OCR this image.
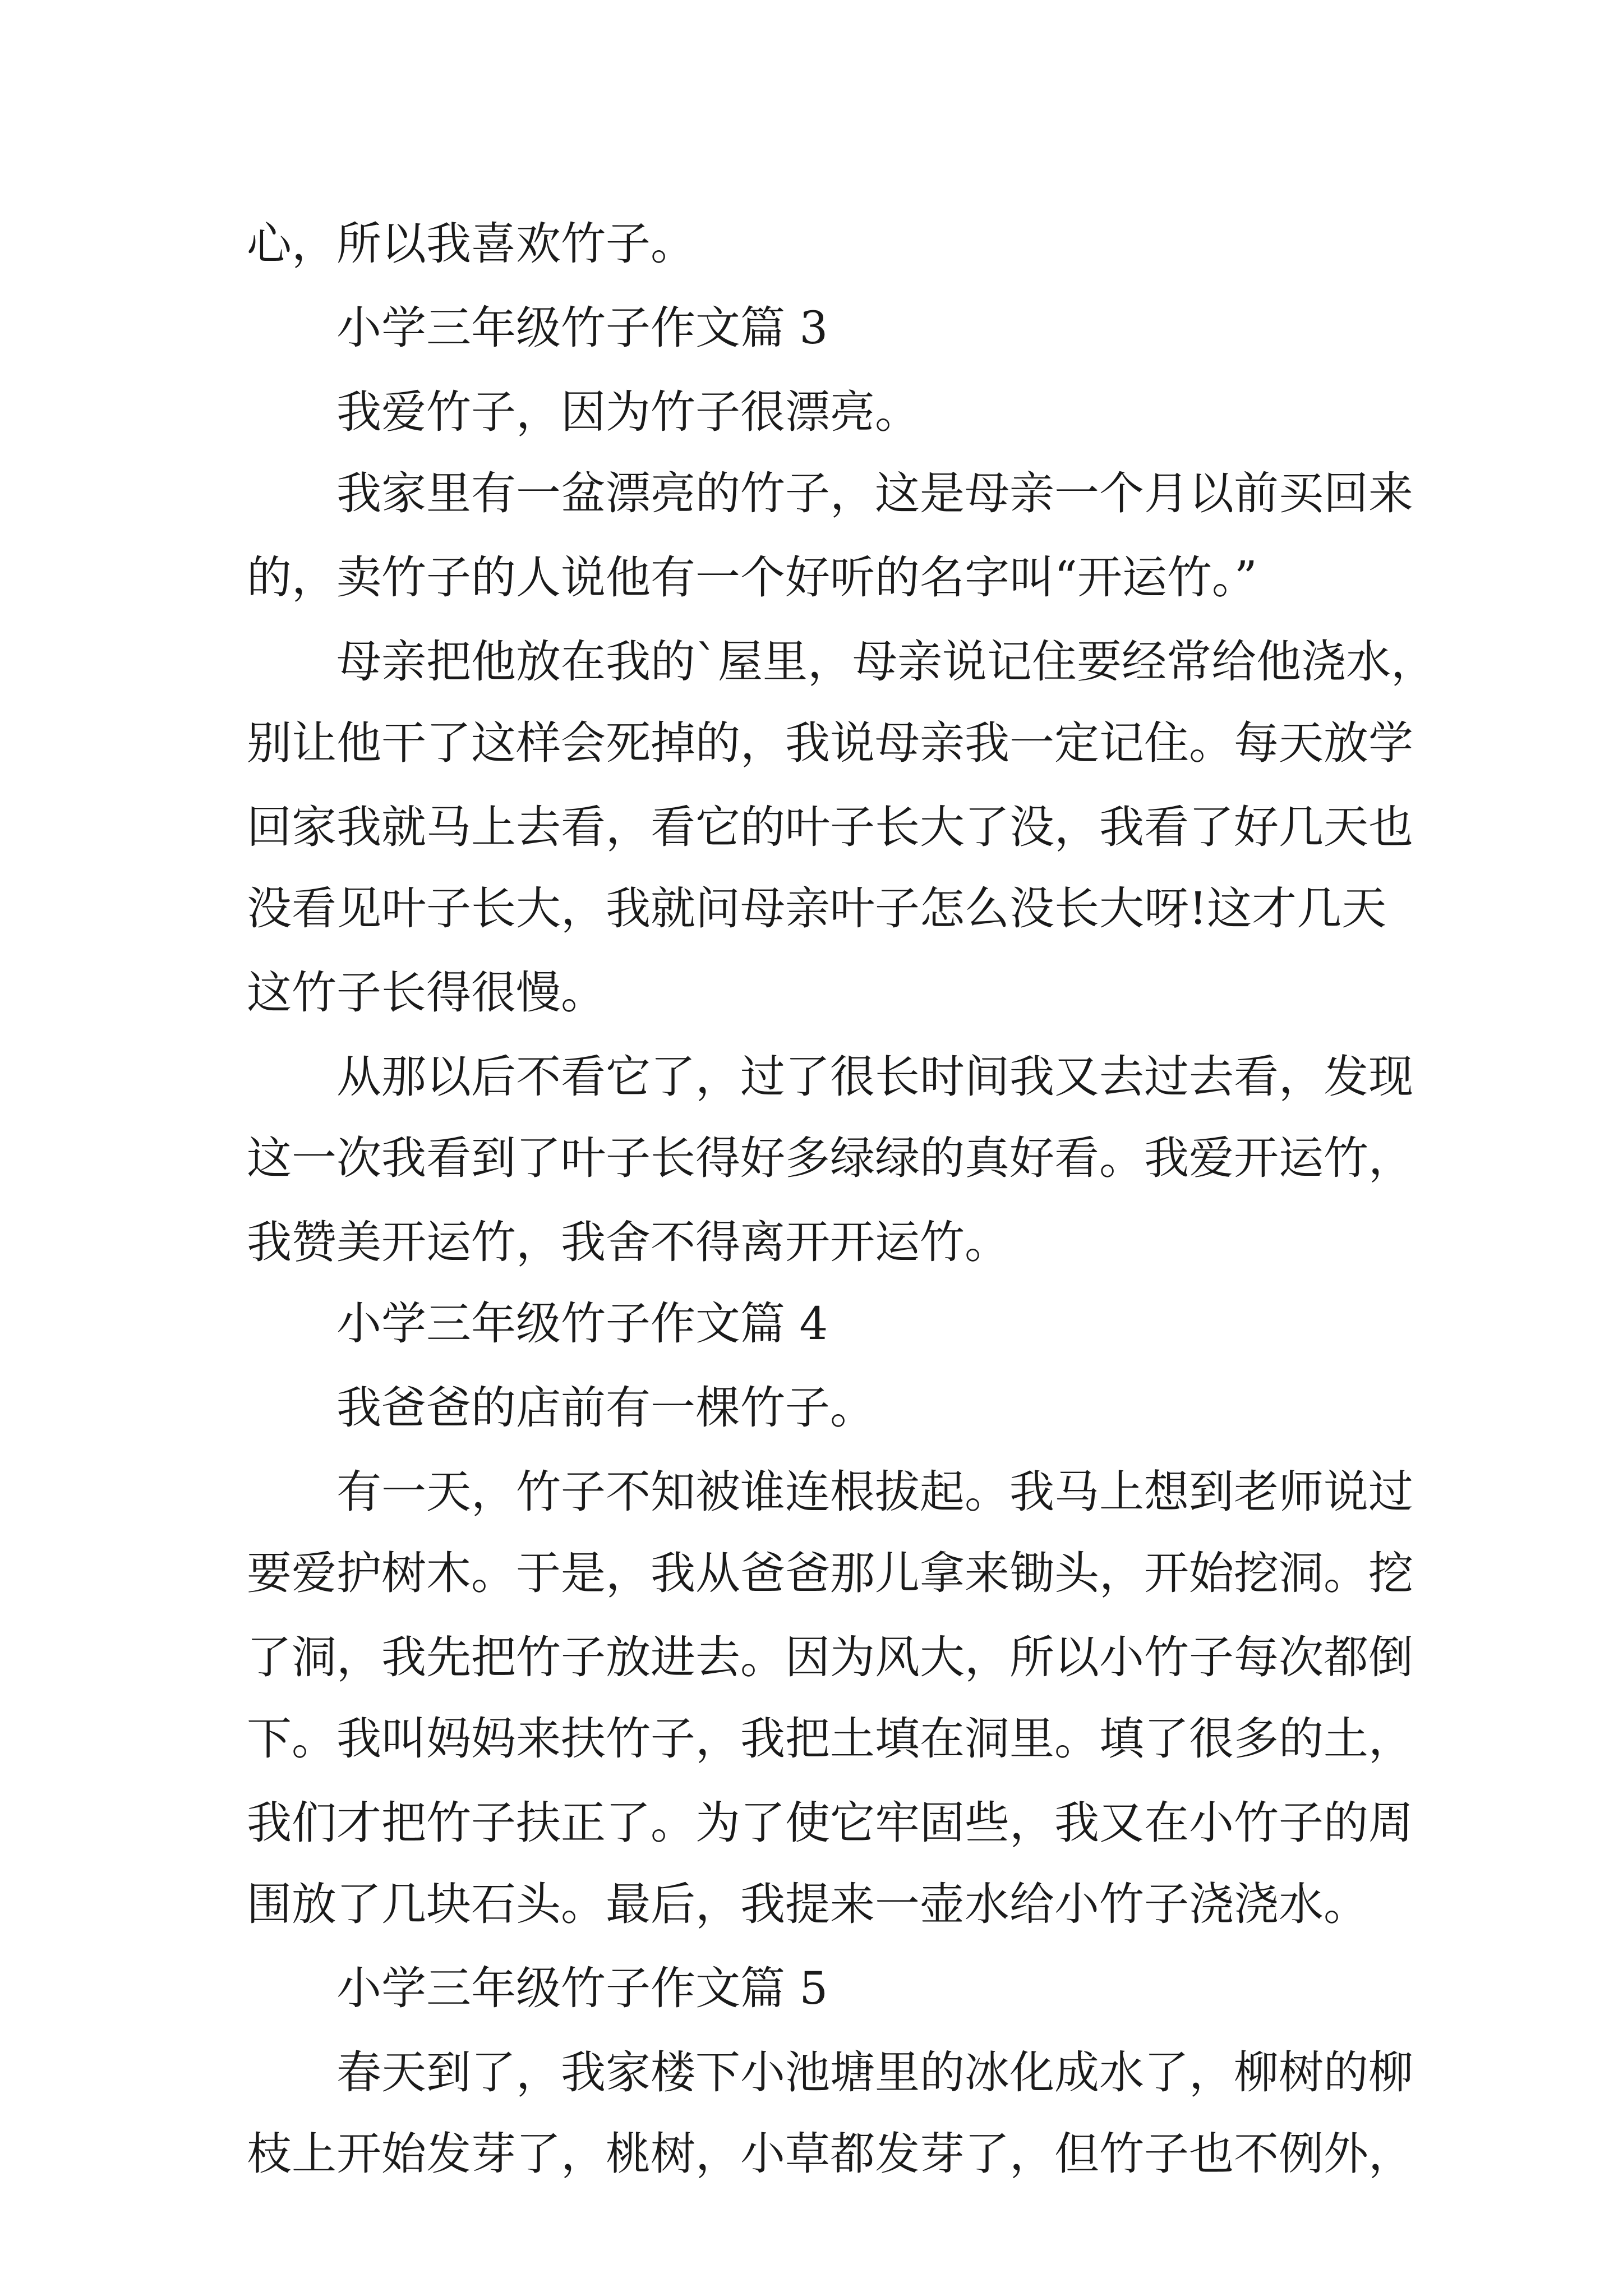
心，所以我喜欢竹子。
小学三年级竹子作文篇 3
我爱竹子，因为竹子很漂亮。
我家里有一盆漂亮的竹子，这是母亲一个月以前买回来
的，卖竹子的人说他有一个好听的名字叫“开运竹。”
母亲把他放在我的`屋里，母亲说记住要经常给他浇水，
别让他干了这样会死掉的，我说母亲我一定记住。每天放学
回家我就马上去看，看它的叶子长大了没，我看了好几天也
没看见叶子长大，我就问母亲叶子怎么没长大呀!这才几天
这竹子长得很慢。
从那以后不看它了，过了很长时间我又去过去看，发现
这一次我看到了叶子长得好多绿绿的真好看。我爱开运竹，
我赞美开运竹，我舍不得离开开运竹。
小学三年级竹子作文篇 4
我爸爸的店前有一棵竹子。
有一天，竹子不知被谁连根拔起。我马上想到老师说过
要爱护树木。于是，我从爸爸那儿拿来锄头，开始挖洞。挖
了洞，我先把竹子放进去。因为风大，所以小竹子每次都倒
下。我叫妈妈来扶竹子，我把土填在洞里。填了很多的土，
我们才把竹子扶正了。为了使它牢固些，我又在小竹子的周
围放了几块石头。最后，我提来一壶水给小竹子浇浇水。
小学三年级竹子作文篇 5
春天到了，我家楼下小池塘里的冰化成水了，柳树的柳
枝上开始发芽了，桃树，小草都发芽了，但竹子也不例外，
